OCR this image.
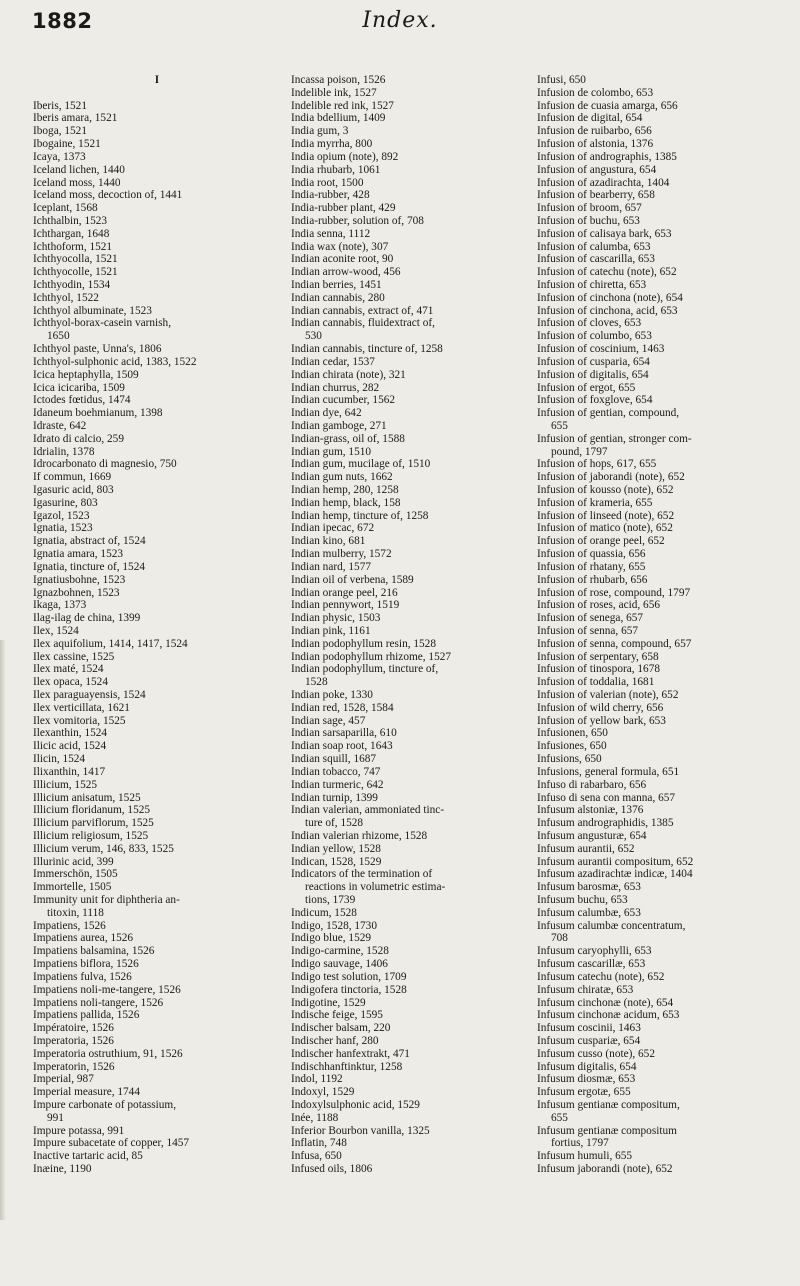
1882	Index.
I
Iberis, 1521
Iberis amara, 1521
Iboga, 1521
Ibogaine, 1521
Icaya, 1373
Iceland lichen, 1440
Iceland moss, 1440
Iceland moss, decoction of, 1441
Iceplant, 1568
Ichthalbin, 1523
Ichthargan, 1648
Ichthoform, 1521
Ichthyocolla, 1521
Ichthyocolle, 1521
Ichthyodin, 1534
Ichthyol, 1522
Ichthyol albuminate, 1523
Ichthyol-borax-casein varnish,
1650
Ichthyol paste, Unna's, 1806
Ichthyol-sulphonic acid, 1383, 1522
Icica heptaphylla, 1509
Icica icicariba, 1509
Ictodes fœtidus, 1474
Idaneum boehmianum, 1398
Idraste, 642
Idrato di calcio, 259
Idrialin, 1378
Idrocarbonato di magnesio, 750
If commun, 1669
Igasuric acid, 803
Igasurine, 803
Igazol, 1523
Ignatia, 1523
Ignatia, abstract of, 1524
Ignatia amara, 1523
Ignatia, tincture of, 1524
Ignatiusbohne, 1523
Ignazbohnen, 1523
Ikaga, 1373
Ilag-ilag de china, 1399
Ilex, 1524
Ilex aquifolium, 1414, 1417, 1524
Ilex cassine, 1525
Ilex maté, 1524
Ilex opaca, 1524
Ilex paraguayensis, 1524
Ilex verticillata, 1621
Ilex vomitoria, 1525
Ilexanthin, 1524
Ilicic acid, 1524
Ilicin, 1524
Ilixanthin, 1417
Illicium, 1525
Illicium anisatum, 1525
Illicium floridanum, 1525
Illicium parviflorum, 1525
Illicium religiosum, 1525
Illicium verum, 146, 833, 1525
Illurinic acid, 399
Immerschön, 1505
Immortelle, 1505
Immunity unit for diphtheria an-
titoxin, 1118
Impatiens, 1526
Impatiens aurea, 1526
Impatiens balsamina, 1526
Impatiens biflora, 1526
Impatiens fulva, 1526
Impatiens noli-me-tangere, 1526
Impatiens noli-tangere, 1526
Impatiens pallida, 1526
Impératoire, 1526
Imperatoria, 1526
Imperatoria ostruthium, 91, 1526
Imperatorin, 1526
Imperial, 987
Imperial measure, 1744
Impure carbonate of potassium,
991
Impure potassa, 991
Impure subacetate of copper, 1457
Inactive tartaric acid, 85
Inæine, 1190
Incassa poison, 1526
Indelible ink, 1527
Indelible red ink, 1527
India bdellium, 1409
India gum, 3
India myrrha, 800
India opium (note), 892
India rhubarb, 1061
India root, 1500
India-rubber, 428
India-rubber plant, 429
India-rubber, solution of, 708
India senna, 1112
India wax (note), 307
Indian aconite root, 90
Indian arrow-wood, 456
Indian berries, 1451
Indian cannabis, 280
Indian cannabis, extract of, 471
Indian cannabis, fluidextract of,
530
Indian cannabis, tincture of, 1258
Indian cedar, 1537
Indian chirata (note), 321
Indian churrus, 282
Indian cucumber, 1562
Indian dye, 642
Indian gamboge, 271
Indian-grass, oil of, 1588
Indian gum, 1510
Indian gum, mucilage of, 1510
Indian gum nuts, 1662
Indian hemp, 280, 1258
Indian hemp, black, 158
Indian hemp, tincture of, 1258
Indian ipecac, 672
Indian kino, 681
Indian mulberry, 1572
Indian nard, 1577
Indian oil of verbena, 1589
Indian orange peel, 216
Indian pennywort, 1519
Indian physic, 1503
Indian pink, 1161
Indian podophyllum resin, 1528
Indian podophyllum rhizome, 1527
Indian podophyllum, tincture of,
1528
Indian poke, 1330
Indian red, 1528, 1584
Indian sage, 457
Indian sarsaparilla, 610
Indian soap root, 1643
Indian squill, 1687
Indian tobacco, 747
Indian turmeric, 642
Indian turnip, 1399
Indian valerian, ammoniated tinc-
ture of, 1528
Indian valerian rhizome, 1528
Indian yellow, 1528
Indican, 1528, 1529
Indicators of the termination of
reactions in volumetric estima-
tions, 1739
Indicum, 1528
Indigo, 1528, 1730
Indigo blue, 1529
Indigo-carmine, 1528
Indigo sauvage, 1406
Indigo test solution, 1709
Indigofera tinctoria, 1528
Indigotine, 1529
Indische feige, 1595
Indischer balsam, 220
Indischer hanf, 280
Indischer hanfextrakt, 471
Indischhanftinktur, 1258
Indol, 1192
Indoxyl, 1529
Indoxylsulphonic acid, 1529
Inée, 1188
Inferior Bourbon vanilla, 1325
Inflatin, 748
Infusa, 650
Infused oils, 1806
Infusi, 650
Infusion de colombo, 653
Infusion de cuasia amarga, 656
Infusion de digital, 654
Infusion de ruibarbo, 656
Infusion of alstonia, 1376
Infusion of andrographis, 1385
Infusion of angustura, 654
Infusion of azadirachta, 1404
Infusion of bearberry, 658
Infusion of broom, 657
Infusion of buchu, 653
Infusion of calisaya bark, 653
Infusion of calumba, 653
Infusion of cascarilla, 653
Infusion of catechu (note), 652
Infusion of chiretta, 653
Infusion of cinchona (note), 654
Infusion of cinchona, acid, 653
Infusion of cloves, 653
Infusion of columbo, 653
Infusion of coscinium, 1463
Infusion of cusparia, 654
Infusion of digitalis, 654
Infusion of ergot, 655
Infusion of foxglove, 654
Infusion of gentian, compound,
655
Infusion of gentian, stronger com-
pound, 1797
Infusion of hops, 617, 655
Infusion of jaborandi (note), 652
Infusion of kousso (note), 652
Infusion of krameria, 655
Infusion of linseed (note), 652
Infusion of matico (note), 652
Infusion of orange peel, 652
Infusion of quassia, 656
Infusion of rhatany, 655
Infusion of rhubarb, 656
Infusion of rose, compound, 1797
Infusion of roses, acid, 656
Infusion of senega, 657
Infusion of senna, 657
Infusion of senna, compound, 657
Infusion of serpentary, 658
Infusion of tinospora, 1678
Infusion of toddalia, 1681
Infusion of valerian (note), 652
Infusion of wild cherry, 656
Infusion of yellow bark, 653
Infusionen, 650
Infusiones, 650
Infusions, 650
Infusions, general formula, 651
Infuso di rabarbaro, 656
Infuso di sena con manna, 657
Infusum alstoniæ, 1376
Infusum andrographidis, 1385
Infusum angusturæ, 654
Infusum aurantii, 652
Infusum aurantii compositum, 652
Infusum azadirachtæ indicæ, 1404
Infusum barosmæ, 653
Infusum buchu, 653
Infusum calumbæ, 653
Infusum calumbæ concentratum,
708
Infusum caryophylli, 653
Infusum cascarillæ, 653
Infusum catechu (note), 652
Infusum chiratæ, 653
Infusum cinchonæ (note), 654
Infusum cinchonæ acidum, 653
Infusum coscinii, 1463
Infusum cuspariæ, 654
Infusum cusso (note), 652
Infusum digitalis, 654
Infusum diosmæ, 653
Infusum ergotæ, 655
Infusum gentianæ compositum,
655
Infusum gentianæ compositum
fortius, 1797
Infusum humuli, 655
Infusum jaborandi (note), 652
